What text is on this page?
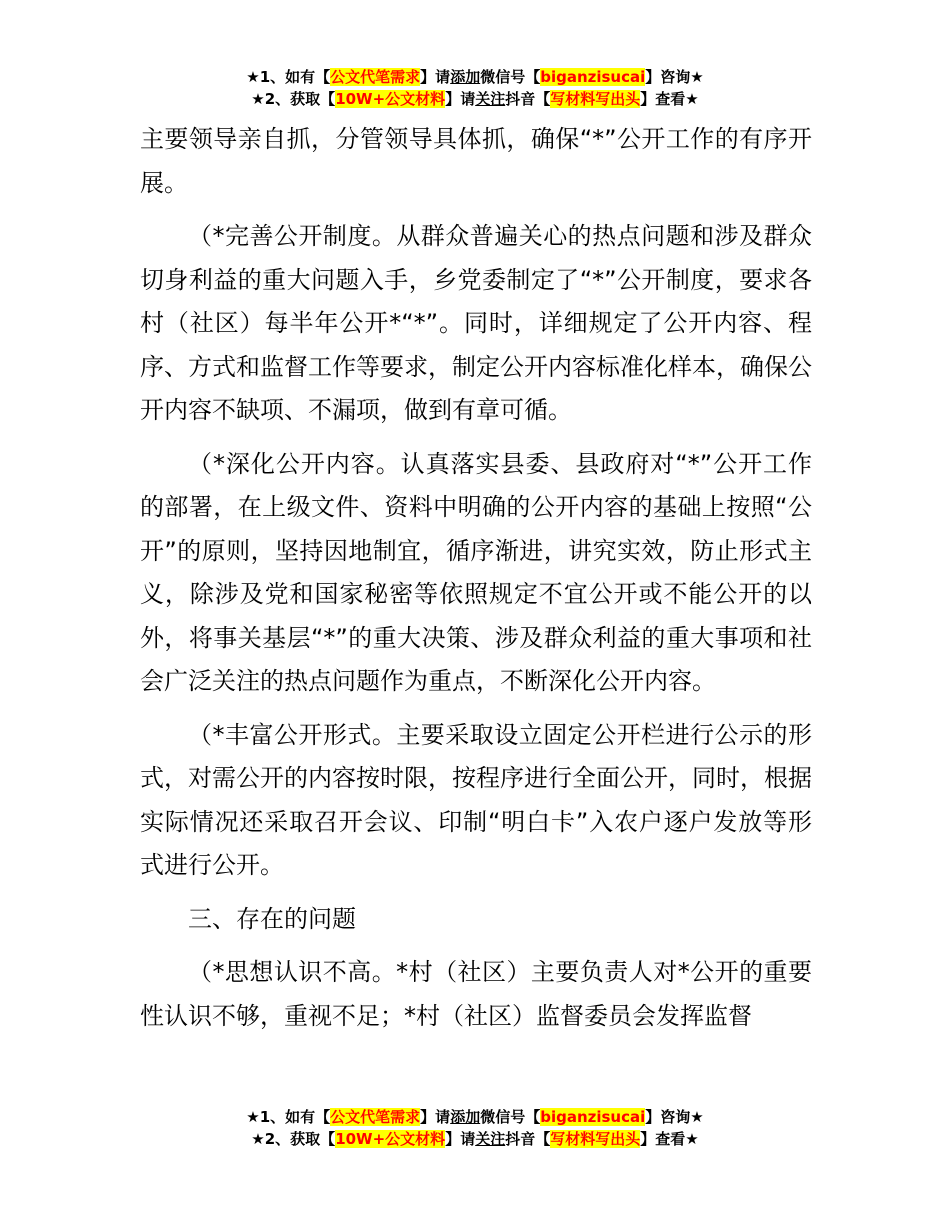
★1、如有【公文代笔需求】请添加微信号【biganzisucai】咨询★
★2、获取【10W+公文材料】请关注抖音【写材料写出头】查看★

主要领导亲自抓，分管领导具体抓，确保“*”公开工作的有序开展。

（*完善公开制度。从群众普遍关心的热点问题和涉及群众切身利益的重大问题入手，乡党委制定了“*”公开制度，要求各村（社区）每半年公开*“*”。同时，详细规定了公开内容、程序、方式和监督工作等要求，制定公开内容标准化样本，确保公开内容不缺项、不漏项，做到有章可循。

（*深化公开内容。认真落实县委、县政府对“*”公开工作的部署，在上级文件、资料中明确的公开内容的基础上按照“公开”的原则，坚持因地制宜，循序渐进，讲究实效，防止形式主义，除涉及党和国家秘密等依照规定不宜公开或不能公开的以外，将事关基层“*”的重大决策、涉及群众利益的重大事项和社会广泛关注的热点问题作为重点，不断深化公开内容。

（*丰富公开形式。主要采取设立固定公开栏进行公示的形式，对需公开的内容按时限，按程序进行全面公开，同时，根据实际情况还采取召开会议、印制“明白卡”入农户逐户发放等形式进行公开。

三、存在的问题

（*思想认识不高。*村（社区）主要负责人对*公开的重要性认识不够，重视不足；*村（社区）监督委员会发挥监督

★1、如有【公文代笔需求】请添加微信号【biganzisucai】咨询★
★2、获取【10W+公文材料】请关注抖音【写材料写出头】查看★
